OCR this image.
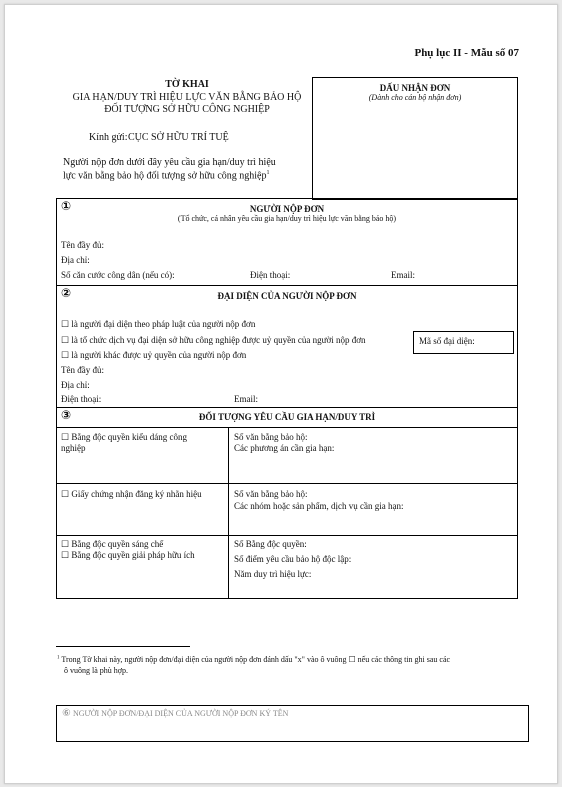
Phụ lục II - Mẫu số 07
TỜ KHAI
GIA HẠN/DUY TRÌ HIỆU LỰC VĂN BẰNG BẢO HỘ
ĐỐI TƯỢNG SỞ HỮU CÔNG NGHIỆP
Kính gửi: CỤC SỞ HỮU TRÍ TUỆ
Người nộp đơn dưới đây yêu cầu gia hạn/duy trì hiệu
lực văn bằng bảo hộ đối tượng sở hữu công nghiệp$^1$
DẤU NHẬN ĐƠN
(Dành cho cán bộ nhận đơn)
①	NGƯỜI NỘP ĐƠN
(Tổ chức, cá nhân yêu cầu gia hạn/duy trì hiệu lực văn bằng bảo hộ)
Tên đầy đủ:
Địa chỉ:
Số căn cước công dân (nếu có):	Điện thoại:	Email:
②	ĐẠI DIỆN CỦA NGƯỜI NỘP ĐƠN
☐ là người đại diện theo pháp luật của người nộp đơn
☐ là tổ chức dịch vụ đại diện sở hữu công nghiệp được uỷ quyền của người nộp đơn
☐ là người khác được uỷ quyền của người nộp đơn
Mã số đại diện:
Tên đầy đủ:
Địa chỉ:
Điện thoại:	Email:
③	ĐỐI TƯỢNG YÊU CẦU GIA HẠN/DUY TRÌ
☐ Bằng độc quyền kiểu dáng công
nghiệp
Số văn bằng bảo hộ:
Các phương án cần gia hạn:
☐ Giấy chứng nhận đăng ký nhãn hiệu	Số văn bằng bảo hộ:
Các nhóm hoặc sản phẩm, dịch vụ cần gia hạn:
☐ Bằng độc quyền sáng chế
☐ Bằng độc quyền giải pháp hữu ích
Số Bằng độc quyền:
Số điểm yêu cầu bảo hộ độc lập:
Năm duy trì hiệu lực:
$^1$ Trong Tờ khai này, người nộp đơn/đại diện của người nộp đơn đánh dấu "x" vào ô vuông ☐ nếu các thông tin ghi sau các
ô vuông là phù hợp.
⑥ NGƯỜI NỘP ĐƠN/ĐẠI DIỆN CỦA NGƯỜI NỘP ĐƠN KÝ TÊN
